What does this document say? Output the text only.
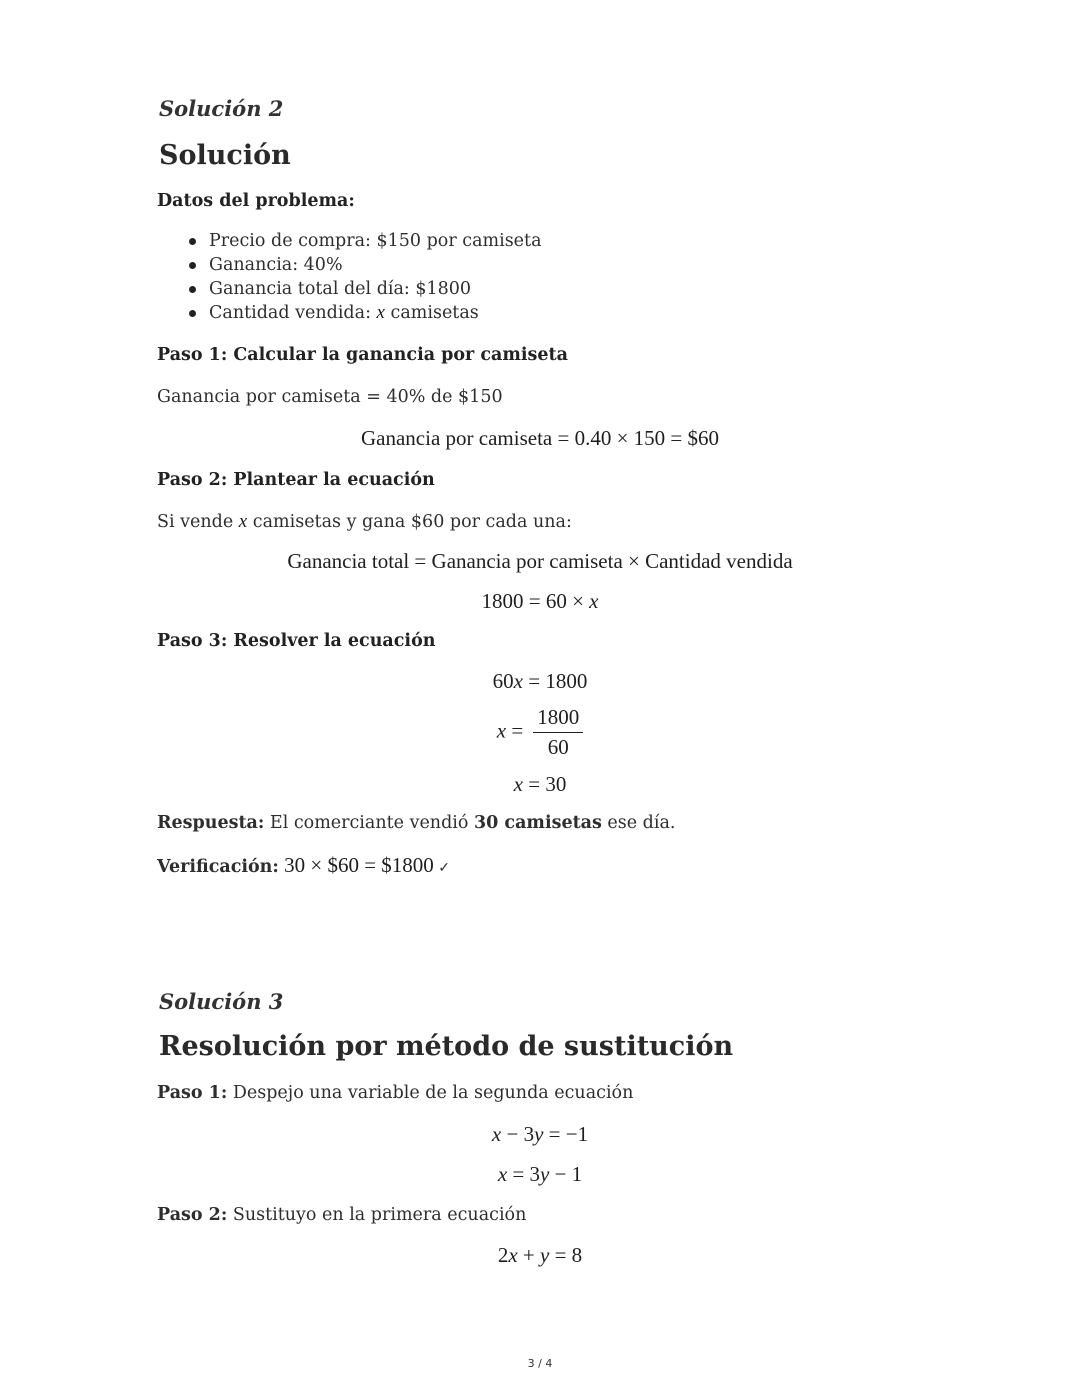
Solución 2
Solución
Datos del problema:
Precio de compra: $150 por camiseta
Ganancia: 40%
Ganancia total del día: $1800
Cantidad vendida: x camisetas
Paso 1: Calcular la ganancia por camiseta
Ganancia por camiseta = 40% de $150
Ganancia por camiseta = 0.40 × 150 = $60
Paso 2: Plantear la ecuación
Si vende x camisetas y gana $60 por cada una:
Ganancia total = Ganancia por camiseta × Cantidad vendida
1800 = 60 × x
Paso 3: Resolver la ecuación
60x = 1800
$x = \frac{1800}{60}$
x = 30
Respuesta: El comerciante vendió 30 camisetas ese día.
Verificación: 30 × $60 = $1800 ✓
Solución 3
Resolución por método de sustitución
Paso 1: Despejo una variable de la segunda ecuación
x − 3y = −1
x = 3y − 1
Paso 2: Sustituyo en la primera ecuación
2x + y = 8
3 / 4
